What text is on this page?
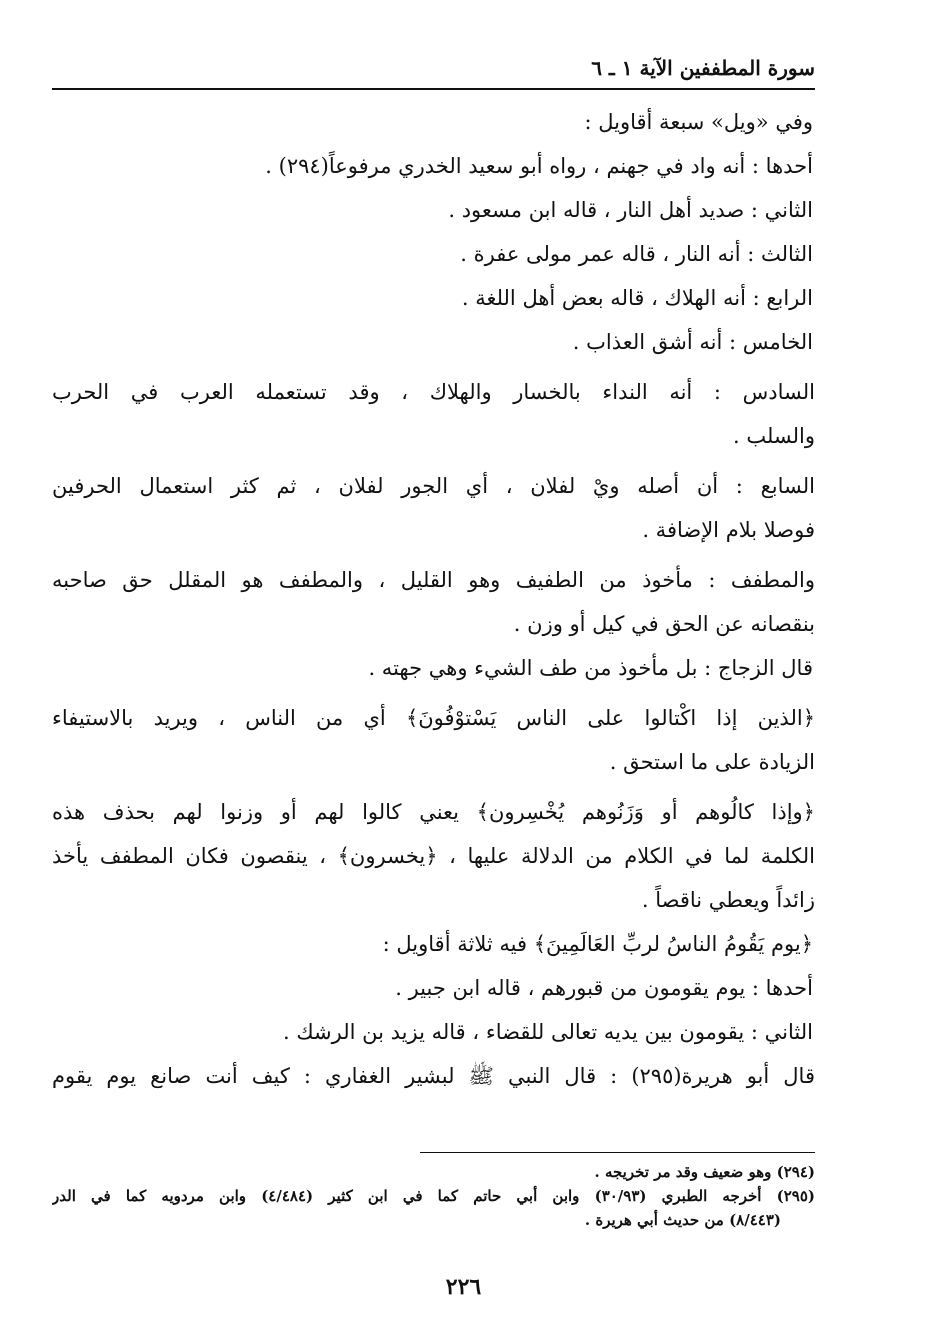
سورة المطففين الآية ١ ـ ٦
وفي «ويل» سبعة أقاويل :
أحدها : أنه واد في جهنم ، رواه أبو سعيد الخدري مرفوعاً(٢٩٤) .
الثاني : صديد أهل النار ، قاله ابن مسعود .
الثالث : أنه النار ، قاله عمر مولى عفرة .
الرابع : أنه الهلاك ، قاله بعض أهل اللغة .
الخامس : أنه أشق العذاب .
السادس : أنه النداء بالخسار والهلاك ، وقد تستعمله العرب في الحرب
والسلب .
السابع : أن أصله ويْ لفلان ، أي الجور لفلان ، ثم كثر استعمال الحرفين
فوصلا بلام الإضافة .
والمطفف : مأخوذ من الطفيف وهو القليل ، والمطفف هو المقلل حق صاحبه
بنقصانه عن الحق في كيل أو وزن .
قال الزجاج : بل مأخوذ من طف الشيء وهي جهته .
﴿الذين إذا اكْتالوا على الناس يَسْتوْفُونَ﴾ أي من الناس ، ويريد بالاستيفاء
الزيادة على ما استحق .
﴿وإذا كالُوهم أو وَزَنُوهم يُخْسِرون﴾ يعني كالوا لهم أو وزنوا لهم بحذف هذه
الكلمة لما في الكلام من الدلالة عليها ، ﴿يخسرون﴾ ، ينقصون فكان المطفف يأخذ
زائداً ويعطي ناقصاً .
﴿يوم يَقُومُ الناسُ لربِّ العَالَمِينَ﴾ فيه ثلاثة أقاويل :
أحدها : يوم يقومون من قبورهم ، قاله ابن جبير .
الثاني : يقومون بين يديه تعالى للقضاء ، قاله يزيد بن الرشك .
قال أبو هريرة(٢٩٥) : قال النبي ﷺ لبشير الغفاري : كيف أنت صانع يوم يقوم
(٢٩٤) وهو ضعيف وقد مر تخريجه .
(٢٩٥) أخرجه الطبري (٣٠/٩٣) وابن أبي حاتم كما في ابن كثير (٤/٤٨٤) وابن مردويه كما في الدر
(٨/٤٤٣) من حديث أبي هريرة .
٢٢٦
